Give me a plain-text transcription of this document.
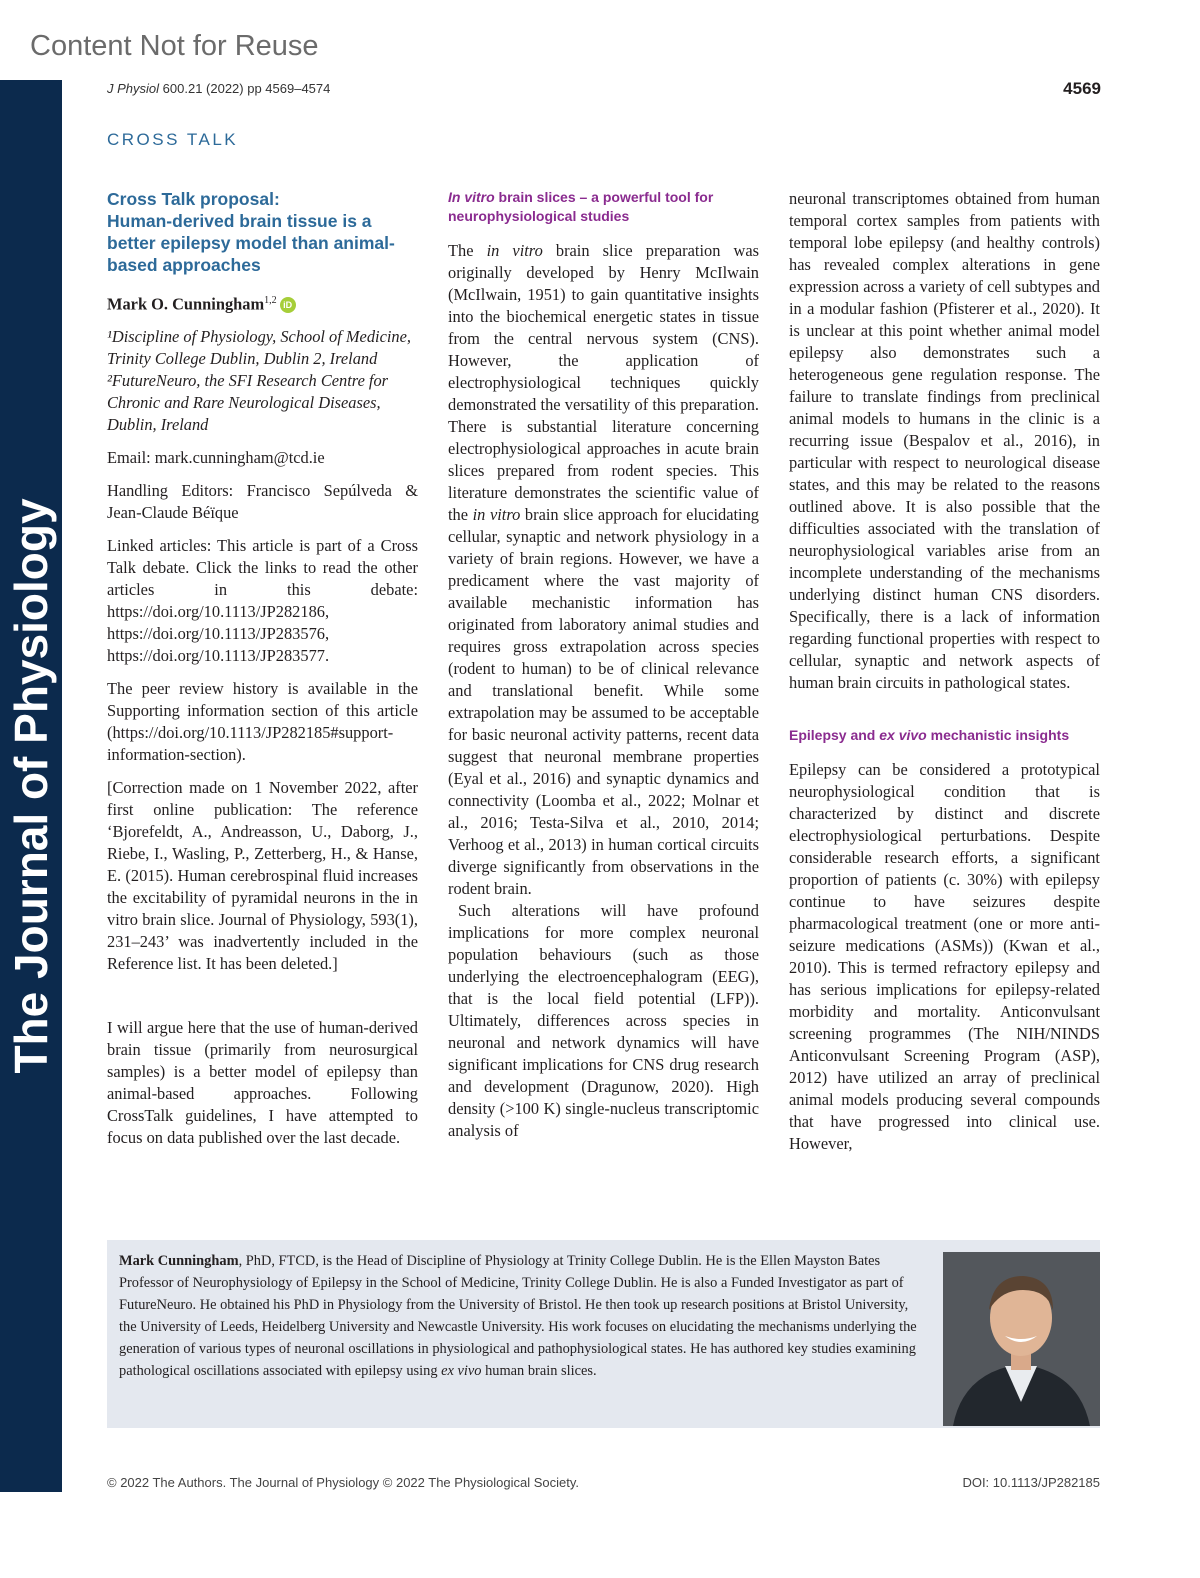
Content Not for Reuse
The Journal of Physiology
J Physiol 600.21 (2022) pp 4569–4574	4569
CROSS TALK
Cross Talk proposal:
Human-derived brain tissue is a better epilepsy model than animal-based approaches

Mark O. Cunningham$^{1,2}$ iD

¹Discipline of Physiology, School of Medicine, Trinity College Dublin, Dublin 2, Ireland

²FutureNeuro, the SFI Research Centre for Chronic and Rare Neurological Diseases, Dublin, Ireland

Email: mark.cunningham@tcd.ie

Handling Editors: Francisco Sepúlveda & Jean-Claude Béïque

Linked articles: This article is part of a Cross Talk debate. Click the links to read the other articles in this debate: https://doi.org/10.1113/JP282186, https://doi.org/10.1113/JP283576, https://doi.org/10.1113/JP283577.

The peer review history is available in the Supporting information section of this article (https://doi.org/10.1113/JP282185#support-information-section).

[Correction made on 1 November 2022, after first online publication: The reference ‘Bjorefeldt, A., Andreasson, U., Daborg, J., Riebe, I., Wasling, P., Zetterberg, H., & Hanse, E. (2015). Human cerebrospinal fluid increases the excitability of pyramidal neurons in the in vitro brain slice. Journal of Physiology, 593(1), 231–243’ was inadvertently included in the Reference list. It has been deleted.]

I will argue here that the use of human-derived brain tissue (primarily from neurosurgical samples) is a better model of epilepsy than animal-based approaches. Following CrossTalk guidelines, I have attempted to focus on data published over the last decade.

In vitro brain slices – a powerful tool for neurophysiological studies

The in vitro brain slice preparation was originally developed by Henry McIlwain (McIlwain, 1951) to gain quantitative insights into the biochemical energetic states in tissue from the central nervous system (CNS). However, the application of electrophysiological techniques quickly demonstrated the versatility of this preparation. There is substantial literature concerning electrophysiological approaches in acute brain slices prepared from rodent species. This literature demonstrates the scientific value of the in vitro brain slice approach for elucidating cellular, synaptic and network physiology in a variety of brain regions. However, we have a predicament where the vast majority of available mechanistic information has originated from laboratory animal studies and requires gross extrapolation across species (rodent to human) to be of clinical relevance and translational benefit. While some extrapolation may be assumed to be acceptable for basic neuronal activity patterns, recent data suggest that neuronal membrane properties (Eyal et al., 2016) and synaptic dynamics and connectivity (Loomba et al., 2022; Molnar et al., 2016; Testa-Silva et al., 2010, 2014; Verhoog et al., 2013) in human cortical circuits diverge significantly from observations in the rodent brain.

Such alterations will have profound implications for more complex neuronal population behaviours (such as those underlying the electroencephalogram (EEG), that is the local field potential (LFP)). Ultimately, differences across species in neuronal and network dynamics will have significant implications for CNS drug research and development (Dragunow, 2020). High density (>100 K) single-nucleus transcriptomic analysis of

neuronal transcriptomes obtained from human temporal cortex samples from patients with temporal lobe epilepsy (and healthy controls) has revealed complex alterations in gene expression across a variety of cell subtypes and in a modular fashion (Pfisterer et al., 2020). It is unclear at this point whether animal model epilepsy also demonstrates such a heterogeneous gene regulation response. The failure to translate findings from preclinical animal models to humans in the clinic is a recurring issue (Bespalov et al., 2016), in particular with respect to neurological disease states, and this may be related to the reasons outlined above. It is also possible that the difficulties associated with the translation of neurophysiological variables arise from an incomplete understanding of the mechanisms underlying distinct human CNS disorders. Specifically, there is a lack of information regarding functional properties with respect to cellular, synaptic and network aspects of human brain circuits in pathological states.

Epilepsy and ex vivo mechanistic insights

Epilepsy can be considered a prototypical neurophysiological condition that is characterized by distinct and discrete electrophysiological perturbations. Despite considerable research efforts, a significant proportion of patients (c. 30%) with epilepsy continue to have seizures despite pharmacological treatment (one or more anti-seizure medications (ASMs)) (Kwan et al., 2010). This is termed refractory epilepsy and has serious implications for epilepsy-related morbidity and mortality. Anticonvulsant screening programmes (The NIH/NINDS Anticonvulsant Screening Program (ASP), 2012) have utilized an array of preclinical animal models producing several compounds that have progressed into clinical use. However,

Mark Cunningham, PhD, FTCD, is the Head of Discipline of Physiology at Trinity College Dublin. He is the Ellen Mayston Bates Professor of Neurophysiology of Epilepsy in the School of Medicine, Trinity College Dublin. He is also a Funded Investigator as part of FutureNeuro. He obtained his PhD in Physiology from the University of Bristol. He then took up research positions at Bristol University, the University of Leeds, Heidelberg University and Newcastle University. His work focuses on elucidating the mechanisms underlying the generation of various types of neuronal oscillations in physiological and pathophysiological states. He has authored key studies examining pathological oscillations associated with epilepsy using ex vivo human brain slices.
© 2022 The Authors. The Journal of Physiology © 2022 The Physiological Society.	DOI: 10.1113/JP282185
